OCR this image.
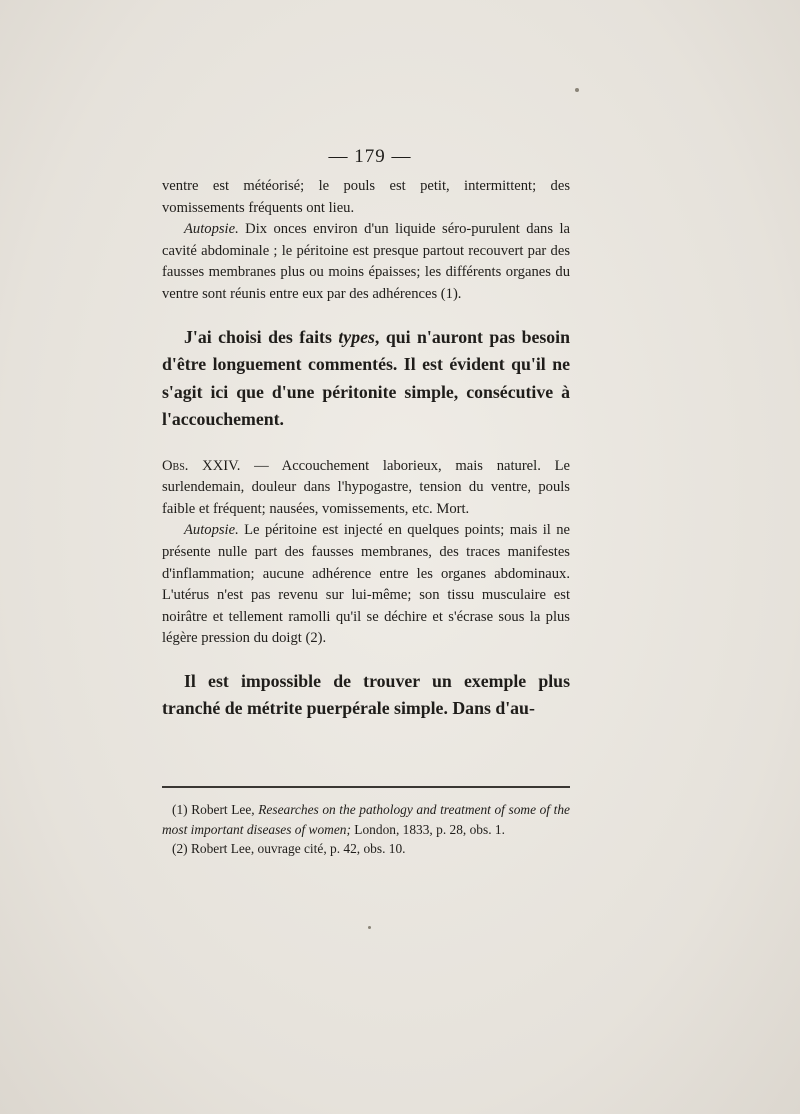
— 179 —

ventre est météorisé; le pouls est petit, intermittent; des vomissements fréquents ont lieu.

Autopsie. Dix onces environ d'un liquide séro-purulent dans la cavité abdominale ; le péritoine est presque partout recouvert par des fausses membranes plus ou moins épaisses; les différents organes du ventre sont réunis entre eux par des adhérences (1).

J'ai choisi des faits types, qui n'auront pas besoin d'être longuement commentés. Il est évident qu'il ne s'agit ici que d'une péritonite simple, consécutive à l'accouchement.

Obs. XXIV. — Accouchement laborieux, mais naturel. Le surlendemain, douleur dans l'hypogastre, tension du ventre, pouls faible et fréquent; nausées, vomissements, etc. Mort.

Autopsie. Le péritoine est injecté en quelques points; mais il ne présente nulle part des fausses membranes, des traces manifestes d'inflammation; aucune adhérence entre les organes abdominaux. L'utérus n'est pas revenu sur lui-même; son tissu musculaire est noirâtre et tellement ramolli qu'il se déchire et s'écrase sous la plus légère pression du doigt (2).

Il est impossible de trouver un exemple plus tranché de métrite puerpérale simple. Dans d'au-

(1) Robert Lee, Researches on the pathology and treatment of some of the most important diseases of women; London, 1833, p. 28, obs. 1.

(2) Robert Lee, ouvrage cité, p. 42, obs. 10.
